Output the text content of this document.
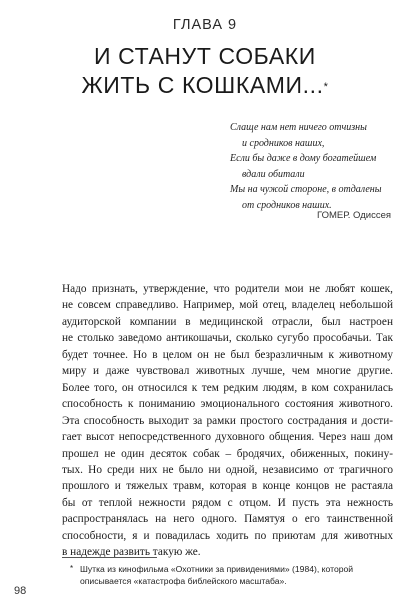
ГЛАВА 9
И СТАНУТ СОБАКИ
ЖИТЬ С КОШКАМИ...*
Слаще нам нет ничего отчизны
и сродников наших,
Если бы даже в дому богатейшем
вдали обитали
Мы на чужой стороне, в отдалены
от сродников наших.
ГОМЕР. Одиссея
Надо признать, утверждение, что родители мои не любят кошек,
не совсем справедливо. Например, мой отец, владелец небольшой
аудиторской компании в медицинской отрасли, был настроен
не столько заведомо антикошачьи, сколько сугубо прособачьи. Так
будет точнее. Но в целом он не был безразличным к животному
миру и даже чувствовал животных лучше, чем многие другие.
Более того, он относился к тем редким людям, в ком сохранилась
способность к пониманию эмоционального состояния животного.
Эта способность выходит за рамки простого сострадания и дости-
гает высот непосредственного духовного общения. Через наш дом
прошел не один десяток собак – бродячих, обиженных, покину-
тых. Но среди них не было ни одной, независимо от трагичного
прошлого и тяжелых травм, которая в конце концов не растаяла
бы от теплой нежности рядом с отцом. И пусть эта нежность
распространялась на него одного. Памятуя о его таинственной
способности, я и повадилась ходить по приютам для животных
в надежде развить такую же.
* Шутка из кинофильма «Охотники за привидениями» (1984), которой
описывается «катастрофа библейского масштаба».
98
